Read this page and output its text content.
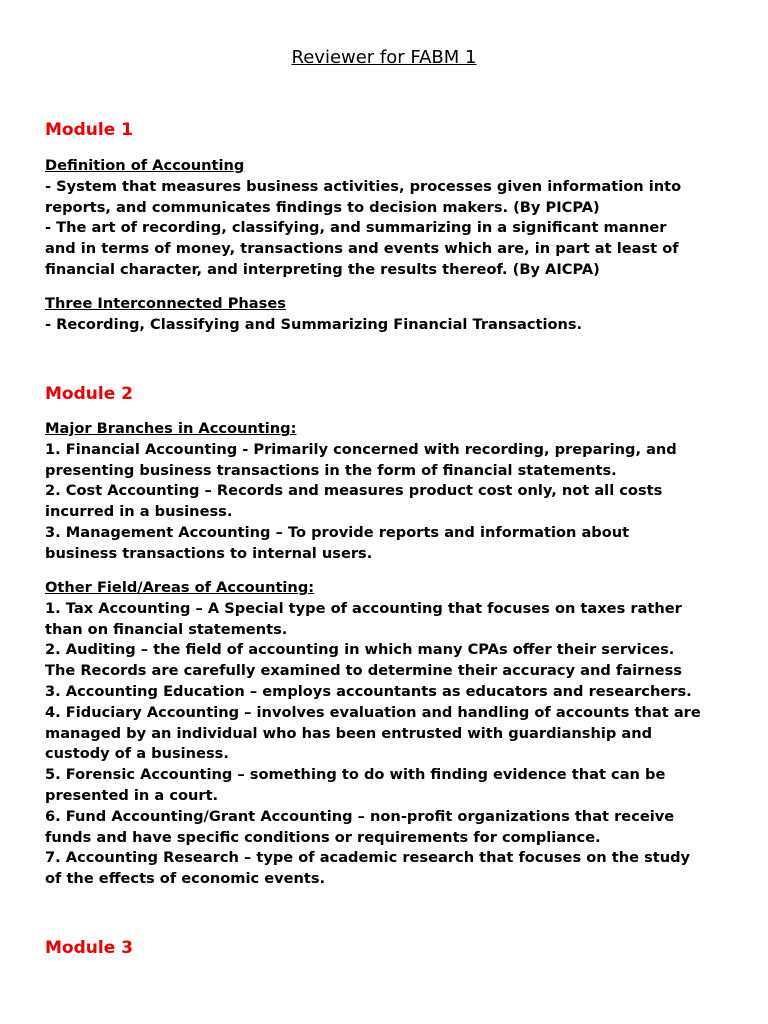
Reviewer for FABM 1
Module 1
Definition of Accounting
- System that measures business activities, processes given information into
reports, and communicates findings to decision makers. (By PICPA)
- The art of recording, classifying, and summarizing in a significant manner
and in terms of money, transactions and events which are, in part at least of
financial character, and interpreting the results thereof. (By AICPA)
Three Interconnected Phases
- Recording, Classifying and Summarizing Financial Transactions.
Module 2
Major Branches in Accounting:
1. Financial Accounting - Primarily concerned with recording, preparing, and
presenting business transactions in the form of financial statements.
2. Cost Accounting – Records and measures product cost only, not all costs
incurred in a business.
3. Management Accounting – To provide reports and information about
business transactions to internal users.
Other Field/Areas of Accounting:
1. Tax Accounting – A Special type of accounting that focuses on taxes rather
than on financial statements.
2. Auditing – the field of accounting in which many CPAs offer their services.
The Records are carefully examined to determine their accuracy and fairness
3. Accounting Education – employs accountants as educators and researchers.
4. Fiduciary Accounting – involves evaluation and handling of accounts that are
managed by an individual who has been entrusted with guardianship and
custody of a business.
5. Forensic Accounting – something to do with finding evidence that can be
presented in a court.
6. Fund Accounting/Grant Accounting – non-profit organizations that receive
funds and have specific conditions or requirements for compliance.
7. Accounting Research – type of academic research that focuses on the study
of the effects of economic events.
Module 3
